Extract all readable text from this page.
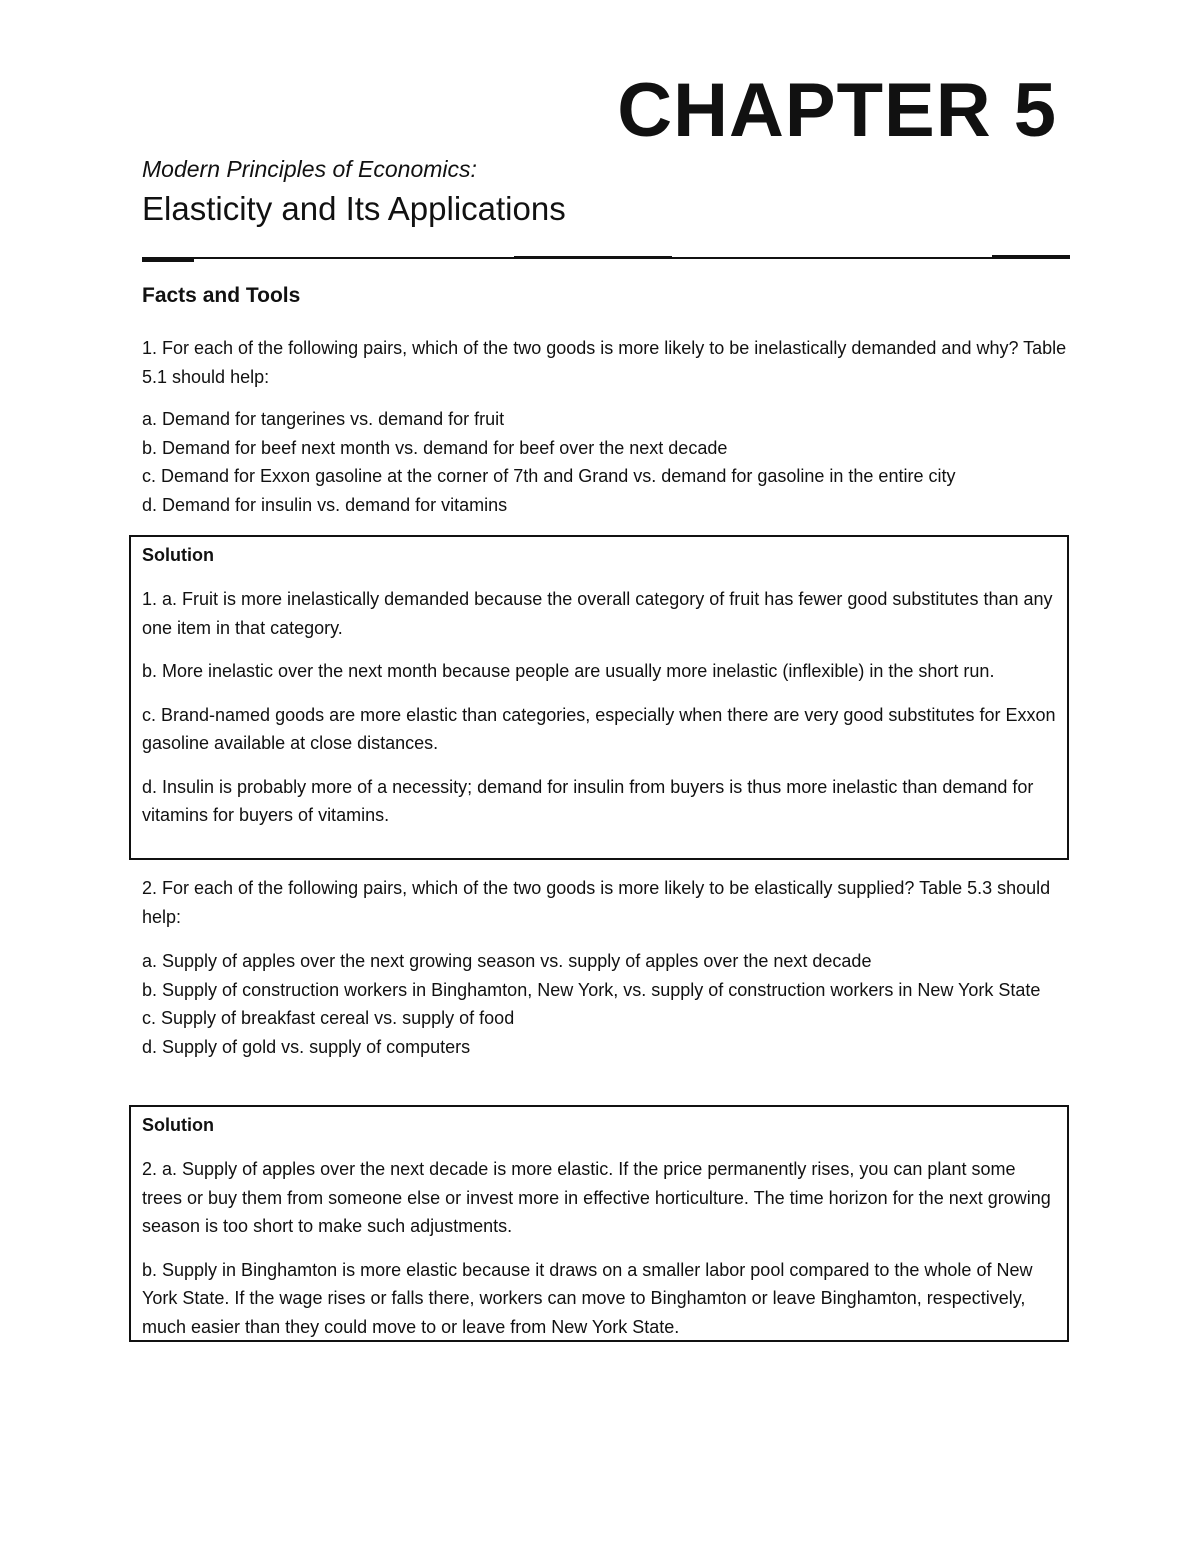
CHAPTER 5

Modern Principles of Economics:

Elasticity and Its Applications
Facts and Tools

1. For each of the following pairs, which of the two goods is more likely to be inelastically demanded and why? Table 5.1 should help:

a. Demand for tangerines vs. demand for fruit
b. Demand for beef next month vs. demand for beef over the next decade
c. Demand for Exxon gasoline at the corner of 7th and Grand vs. demand for gasoline in the entire city
d. Demand for insulin vs. demand for vitamins
Solution

1. a. Fruit is more inelastically demanded because the overall category of fruit has fewer good substitutes than any one item in that category.

b. More inelastic over the next month because people are usually more inelastic (inflexible) in the short run.

c. Brand-named goods are more elastic than categories, especially when there are very good substitutes for Exxon gasoline available at close distances.

d. Insulin is probably more of a necessity; demand for insulin from buyers is thus more inelastic than demand for vitamins for buyers of vitamins.

2. For each of the following pairs, which of the two goods is more likely to be elastically supplied? Table 5.3 should help:

a. Supply of apples over the next growing season vs. supply of apples over the next decade
b. Supply of construction workers in Binghamton, New York, vs. supply of construction workers in New York State
c. Supply of breakfast cereal vs. supply of food
d. Supply of gold vs. supply of computers
Solution

2. a. Supply of apples over the next decade is more elastic. If the price permanently rises, you can plant some trees or buy them from someone else or invest more in effective horticulture. The time horizon for the next growing season is too short to make such adjustments.

b. Supply in Binghamton is more elastic because it draws on a smaller labor pool compared to the whole of New York State. If the wage rises or falls there, workers can move to Binghamton or leave Binghamton, respectively, much easier than they could move to or leave from New York State.
